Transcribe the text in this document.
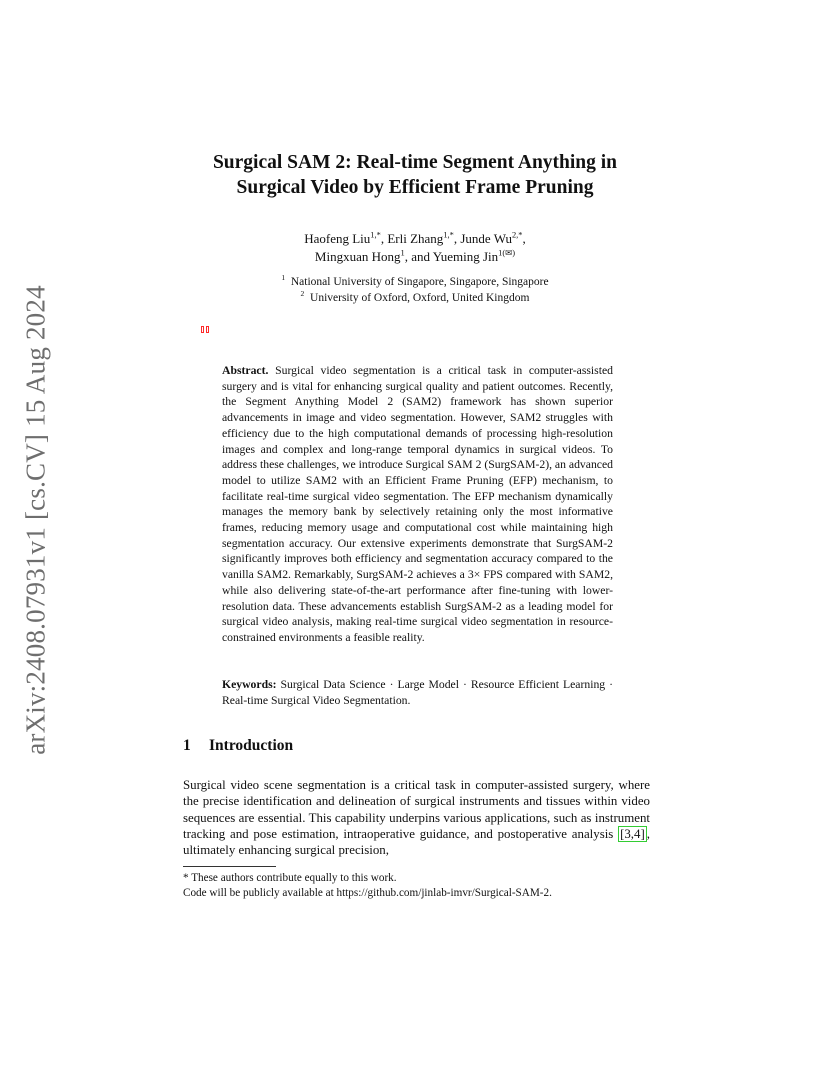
arXiv:2408.07931v1 [cs.CV] 15 Aug 2024
Surgical SAM 2: Real-time Segment Anything in
Surgical Video by Efficient Frame Pruning
Haofeng Liu$^{1,*}$, Erli Zhang$^{1,*}$, Junde $Wu^{2,*}$,
Mingxuan Hong$^1$, and Yueming Jin$^{1(✉)}$
$^1$ National University of Singapore, Singapore, Singapore
$^2$ University of Oxford, Oxford, United Kingdom
Abstract. Surgical video segmentation is a critical task in computer-assisted surgery and is vital for enhancing surgical quality and patient outcomes. Recently, the Segment Anything Model 2 (SAM2) framework has shown superior advancements in image and video segmentation. However, SAM2 struggles with efficiency due to the high computational demands of processing high-resolution images and complex and long-range temporal dynamics in surgical videos. To address these challenges, we introduce Surgical SAM 2 (SurgSAM-2), an advanced model to utilize SAM2 with an Efficient Frame Pruning (EFP) mechanism, to facilitate real-time surgical video segmentation. The EFP mechanism dynamically manages the memory bank by selectively retaining only the most informative frames, reducing memory usage and computational cost while maintaining high segmentation accuracy. Our extensive experiments demonstrate that SurgSAM-2 significantly improves both efficiency and segmentation accuracy compared to the vanilla SAM2. Remarkably, SurgSAM-2 achieves a 3× FPS compared with SAM2, while also delivering state-of-the-art performance after fine-tuning with lower-resolution data. These advancements establish SurgSAM-2 as a leading model for surgical video analysis, making real-time surgical video segmentation in resource-constrained environments a feasible reality.
Keywords: Surgical Data Science · Large Model · Resource Efficient Learning · Real-time Surgical Video Segmentation.
1 Introduction

Surgical video scene segmentation is a critical task in computer-assisted surgery, where the precise identification and delineation of surgical instruments and tissues within video sequences are essential. This capability underpins various applications, such as instrument tracking and pose estimation, intraoperative guidance, and postoperative analysis [3,4] , ultimately enhancing surgical precision,

* These authors contribute equally to this work.
Code will be publicly available at https://github.com/jinlab-imvr/Surgical-SAM-2.
